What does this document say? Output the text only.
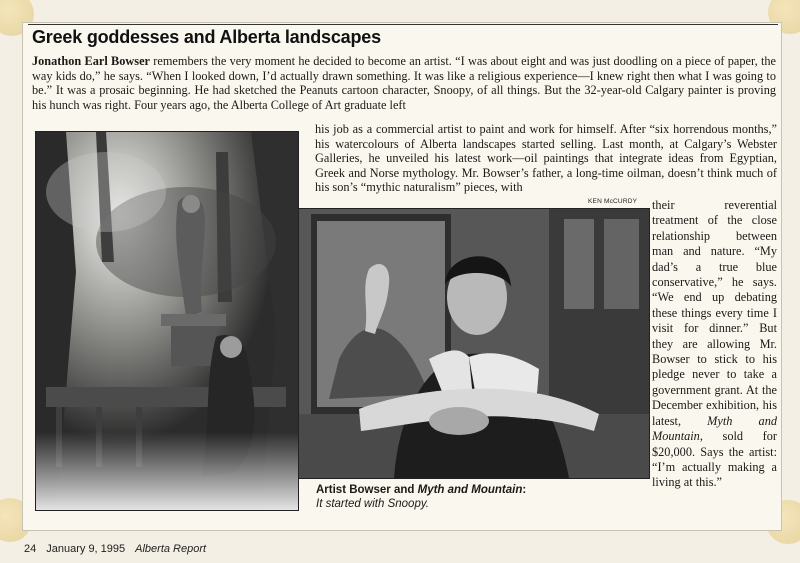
Greek goddesses and Alberta landscapes

Jonathon Earl Bowser remembers the very moment he decided to become an artist. “I was about eight and was just doodling on a piece of paper, the way kids do,” he says. “When I looked down, I’d actually drawn something. It was like a religious experience—I knew right then what I was going to be.” It was a prosaic beginning. He had sketched the Peanuts cartoon character, Snoopy, of all things. But the 32-year-old Calgary painter is proving his hunch was right. Four years ago, the Alberta College of Art graduate left

his job as a commercial artist to paint and work for himself. After “six horrendous months,” his watercolours of Alberta landscapes started selling. Last month, at Calgary’s Webster Galleries, he unveiled his latest work—oil paintings that integrate ideas from Egyptian, Greek and Norse mythology. Mr. Bowser’s father, a long-time oilman, doesn’t think much of his son’s “mythic naturalism” pieces, with

KEN McCURDY

Artist Bowser and Myth and Mountain:
It started with Snoopy.

their reverential treatment of the close relationship between man and nature. “My dad’s a true blue conservative,” he says. “We end up debating these things every time I visit for dinner.” But they are allowing Mr. Bowser to stick to his pledge never to take a government grant. At the December exhibition, his latest, Myth and Mountain, sold for $20,000. Says the artist: “I’m actually making a living at this.”

24 January 9, 1995 Alberta Report
